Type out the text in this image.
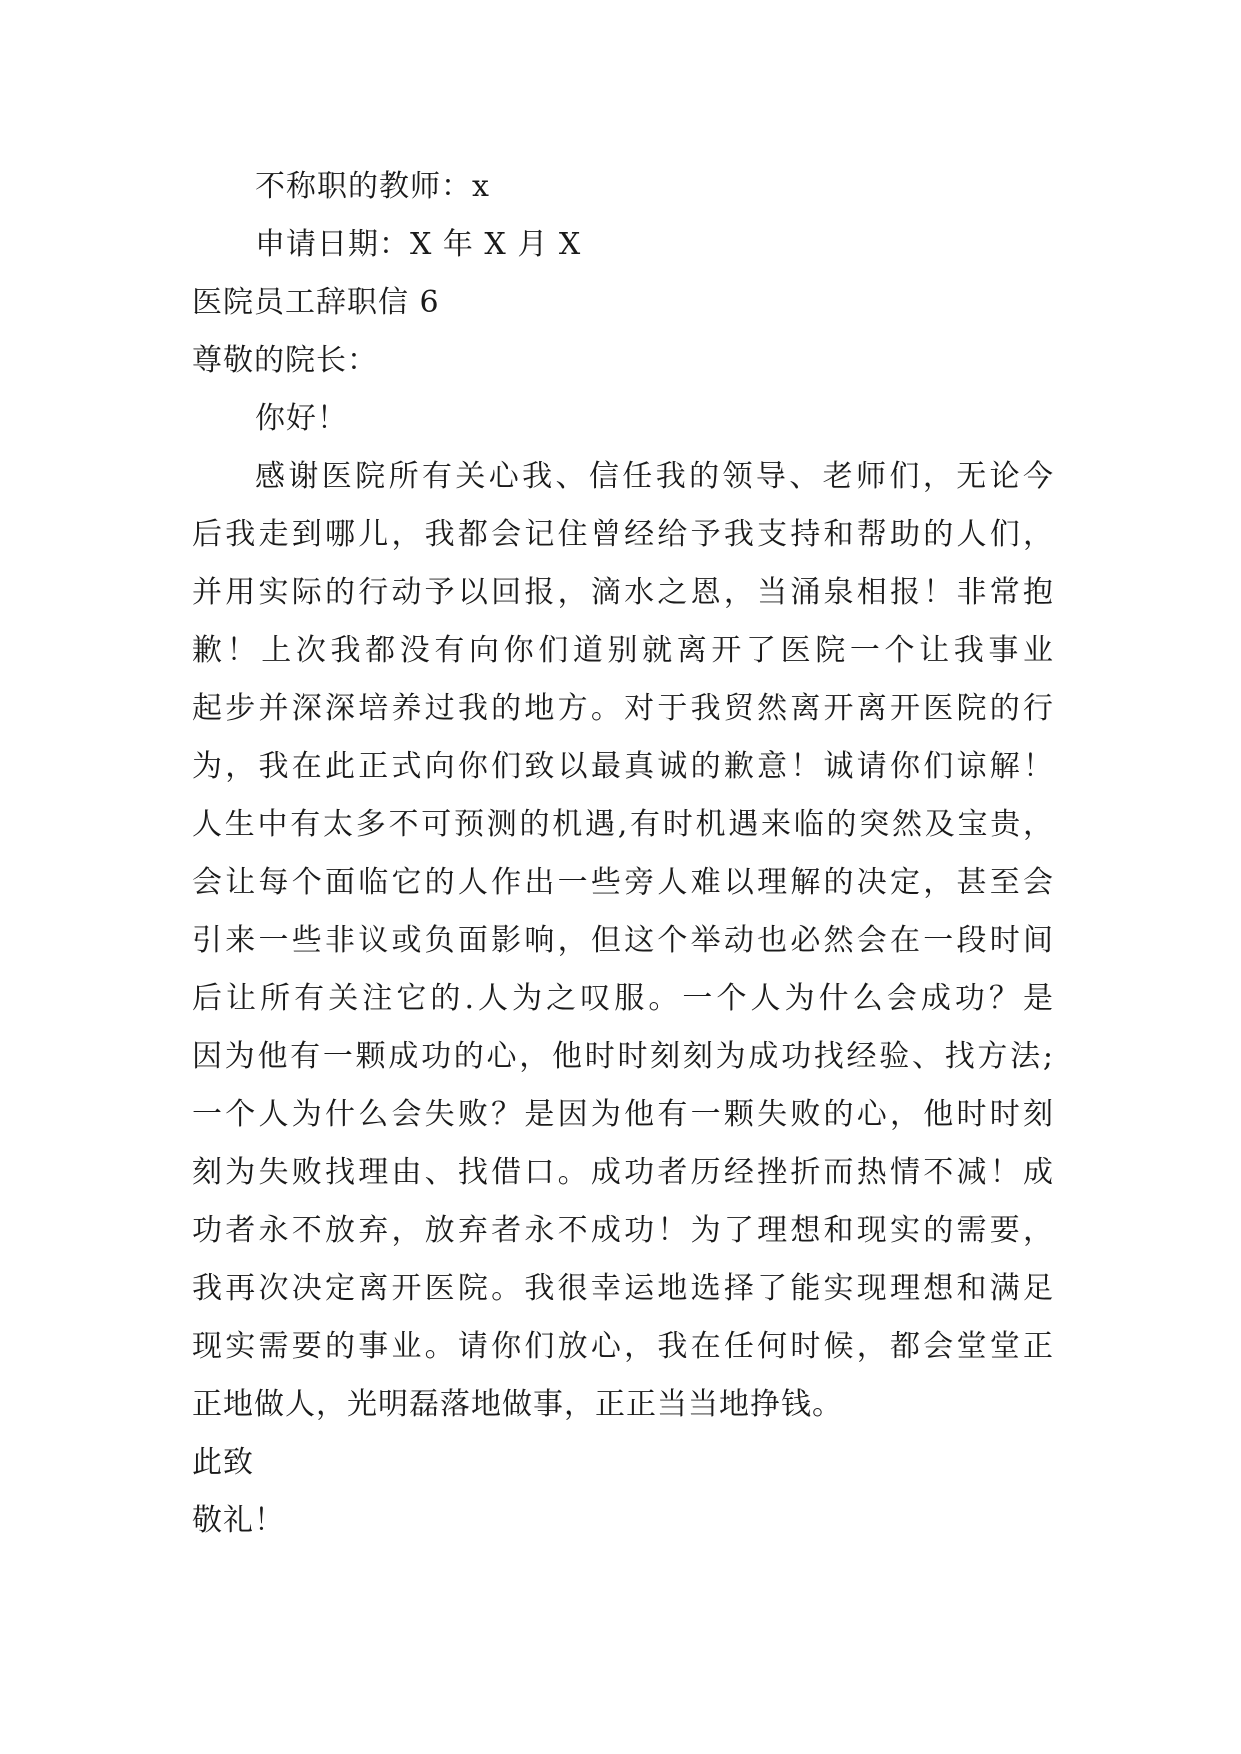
不称职的教师：x
申请日期：X 年 X 月 X
医院员工辞职信 6
尊敬的院长：
你好！
感谢医院所有关心我、信任我的领导、老师们，无论今
后我走到哪儿，我都会记住曾经给予我支持和帮助的人们，
并用实际的行动予以回报，滴水之恩，当涌泉相报！非常抱
歉！上次我都没有向你们道别就离开了医院一个让我事业
起步并深深培养过我的地方。对于我贸然离开离开医院的行
为，我在此正式向你们致以最真诚的歉意！诚请你们谅解！
人生中有太多不可预测的机遇,有时机遇来临的突然及宝贵，
会让每个面临它的人作出一些旁人难以理解的决定，甚至会
引来一些非议或负面影响，但这个举动也必然会在一段时间
后让所有关注它的.人为之叹服。一个人为什么会成功？是
因为他有一颗成功的心，他时时刻刻为成功找经验、找方法;
一个人为什么会失败？是因为他有一颗失败的心，他时时刻
刻为失败找理由、找借口。成功者历经挫折而热情不减！成
功者永不放弃，放弃者永不成功！为了理想和现实的需要，
我再次决定离开医院。我很幸运地选择了能实现理想和满足
现实需要的事业。请你们放心，我在任何时候，都会堂堂正
正地做人，光明磊落地做事，正正当当地挣钱。
此致
敬礼！
